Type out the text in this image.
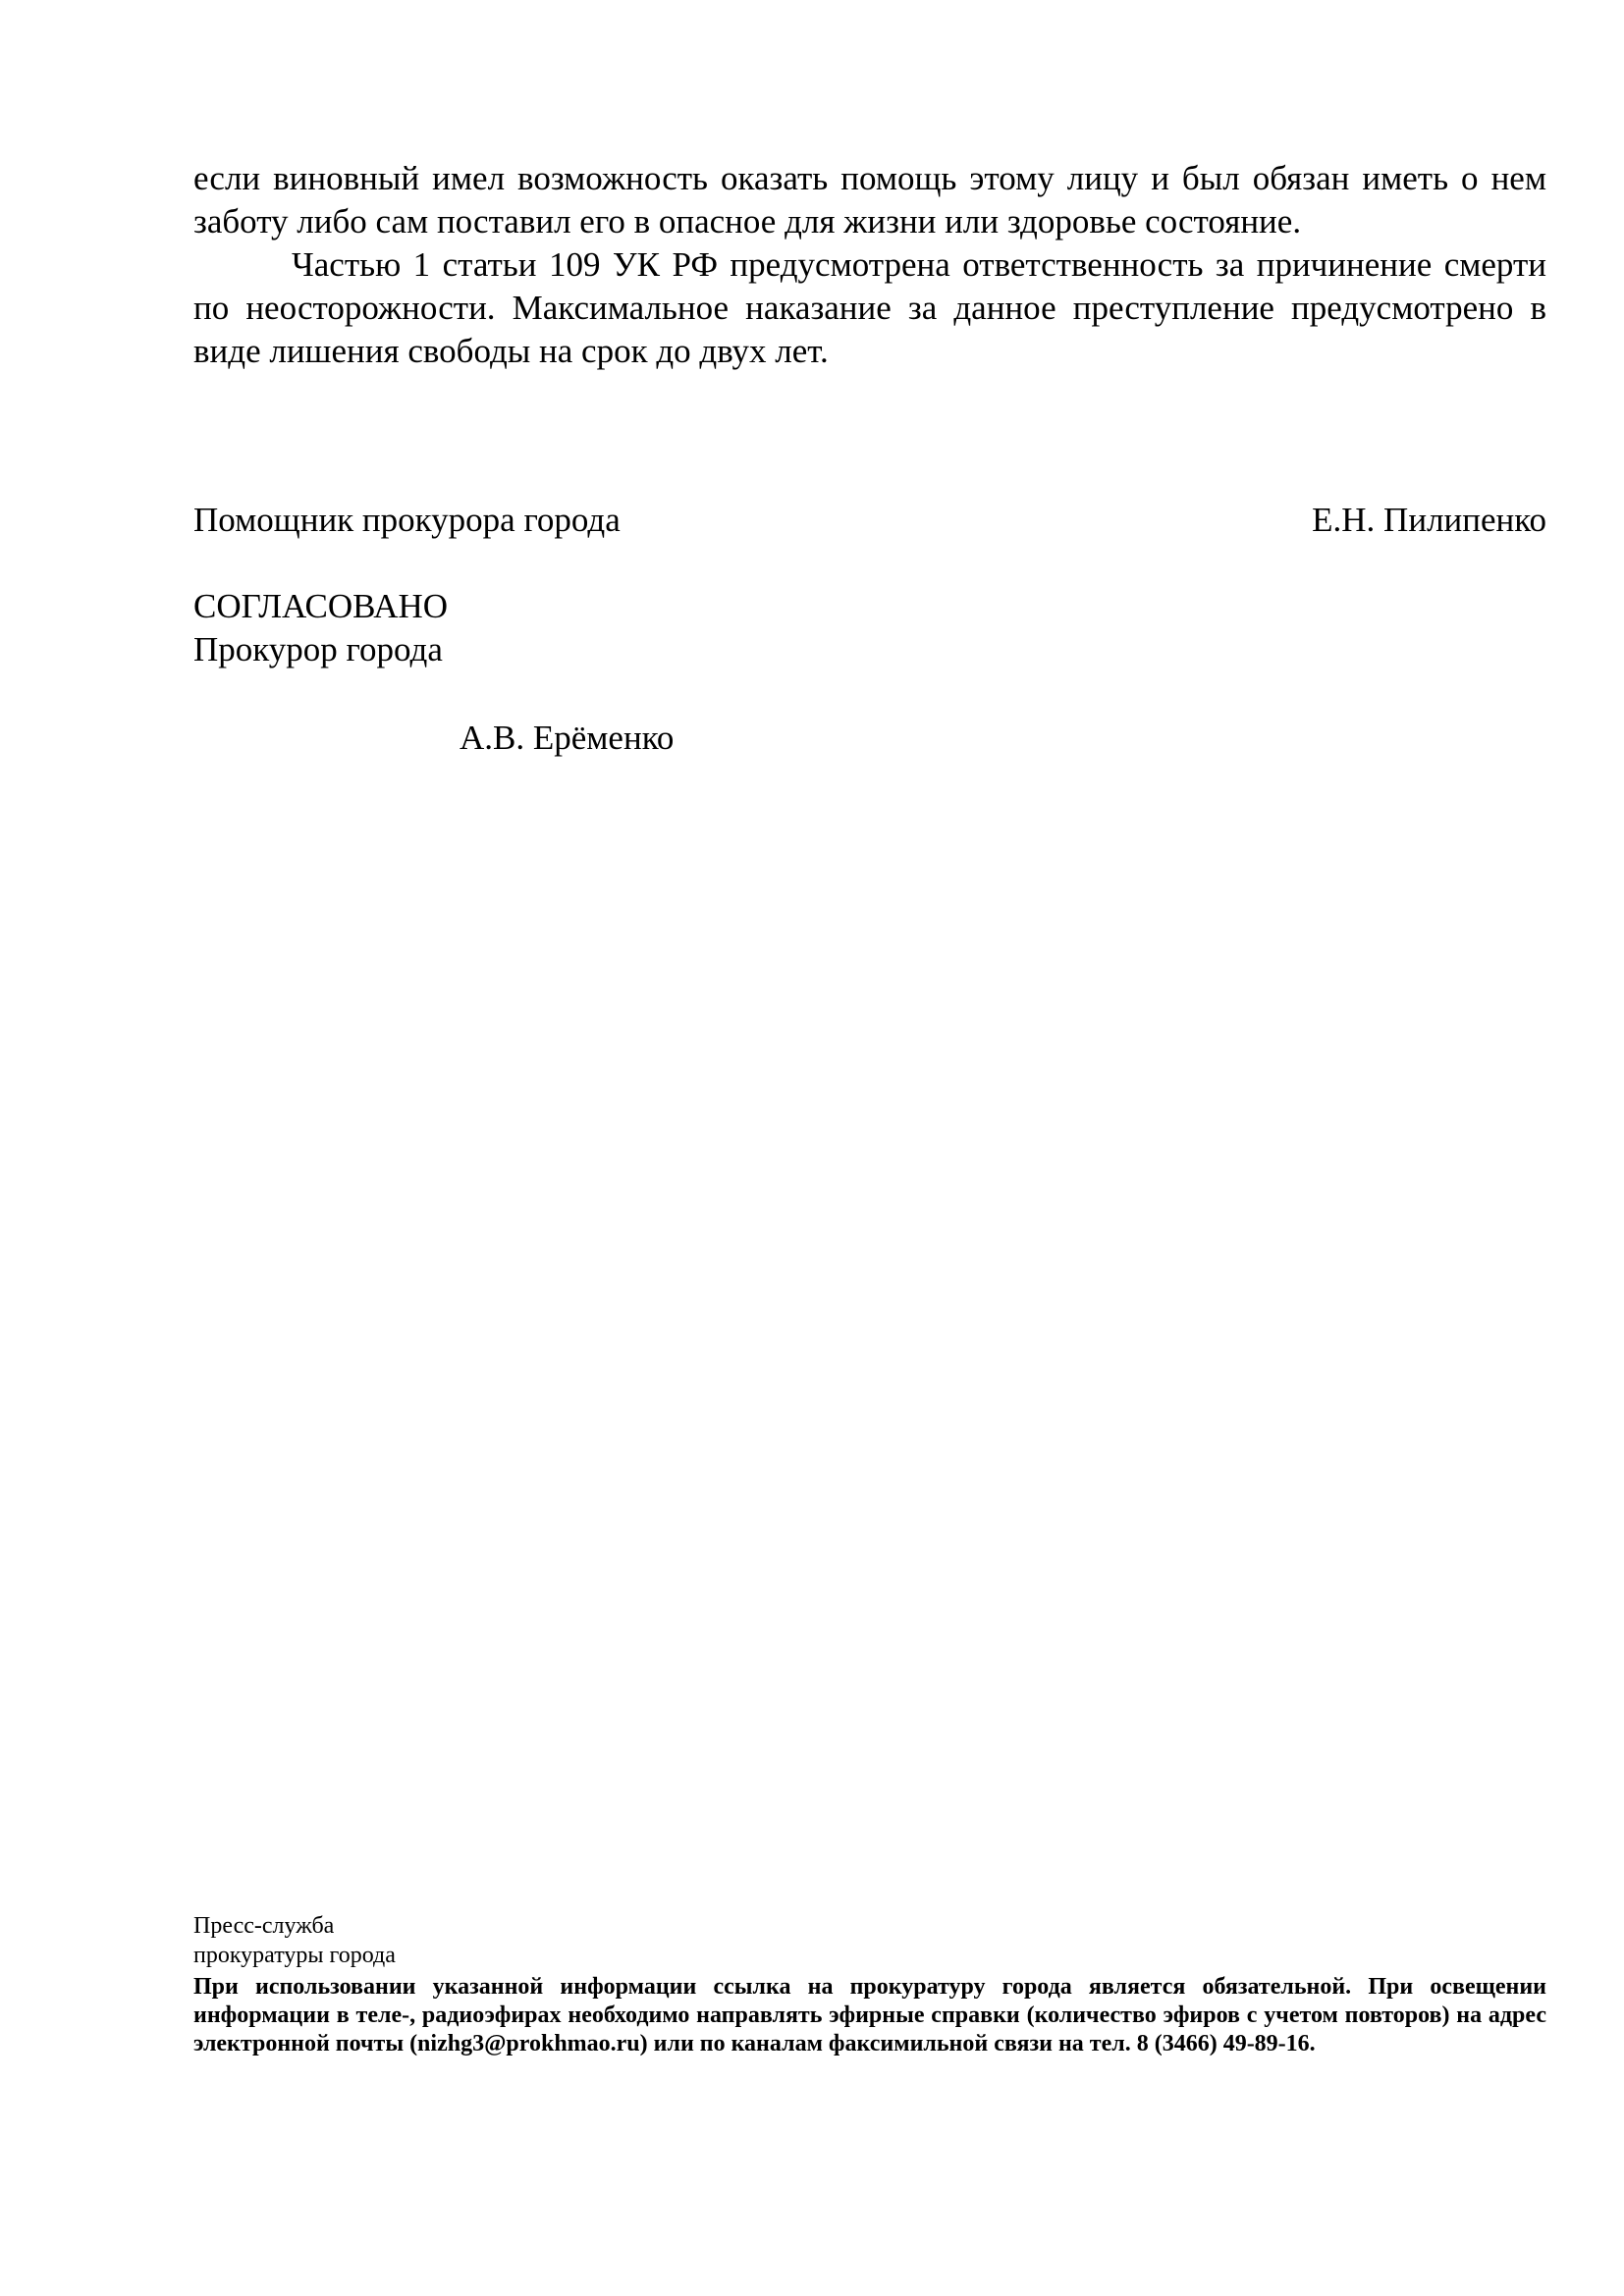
если виновный имел возможность оказать помощь этому лицу и был обязан иметь о нем заботу либо сам поставил его в опасное для жизни или здоровье состояние.

Частью 1 статьи 109 УК РФ предусмотрена ответственность за причинение смерти по неосторожности. Максимальное наказание за данное преступление предусмотрено в виде лишения свободы на срок до двух лет.

Помощник прокурора города	Е.Н. Пилипенко
СОГЛАСОВАНО
Прокурор города
А.В. Ерёменко
Пресс-служба
прокуратуры города

При использовании указанной информации ссылка на прокуратуру города является обязательной. При освещении информации в теле-, радиоэфирах необходимо направлять эфирные справки (количество эфиров с учетом повторов) на адрес электронной почты (nizhg3@prokhmao.ru) или по каналам факсимильной связи на тел. 8 (3466) 49-89-16.
